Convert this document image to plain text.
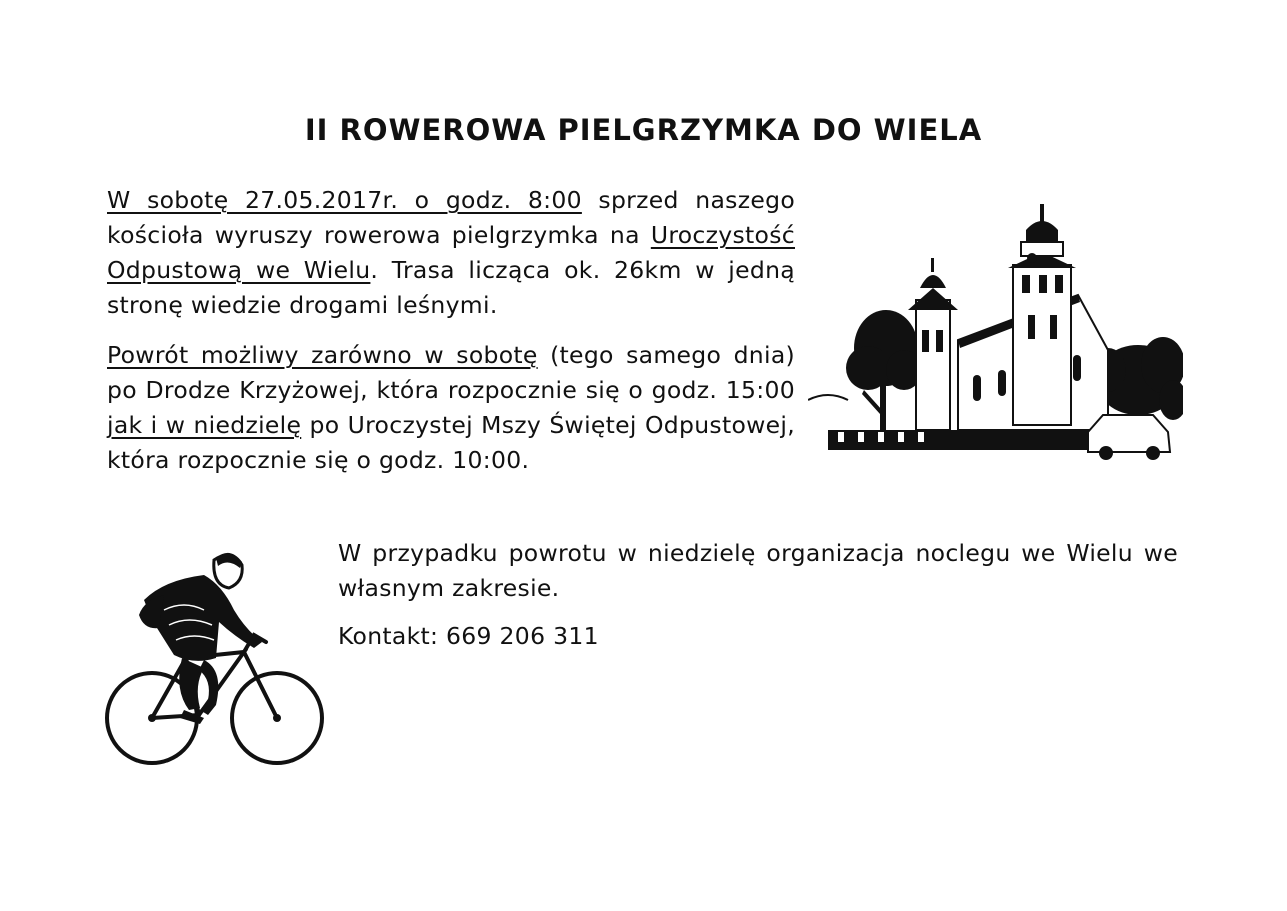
II ROWEROWA PIELGRZYMKA DO WIELA

W sobotę 27.05.2017r. o godz. 8:00 sprzed naszego kościoła wyruszy rowerowa pielgrzymka na Uroczystość Odpustową we Wielu. Trasa licząca ok. 26km w jedną stronę wiedzie drogami leśnymi.

Powrót możliwy zarówno w sobotę (tego samego dnia) po Drodze Krzyżowej, która rozpocznie się o godz. 15:00 jak i w niedzielę po Uroczystej Mszy Świętej Odpustowej, która rozpocznie się o godz. 10:00.

W przypadku powrotu w niedzielę organizacja noclegu we Wielu we własnym zakresie.

Kontakt: 669 206 311
